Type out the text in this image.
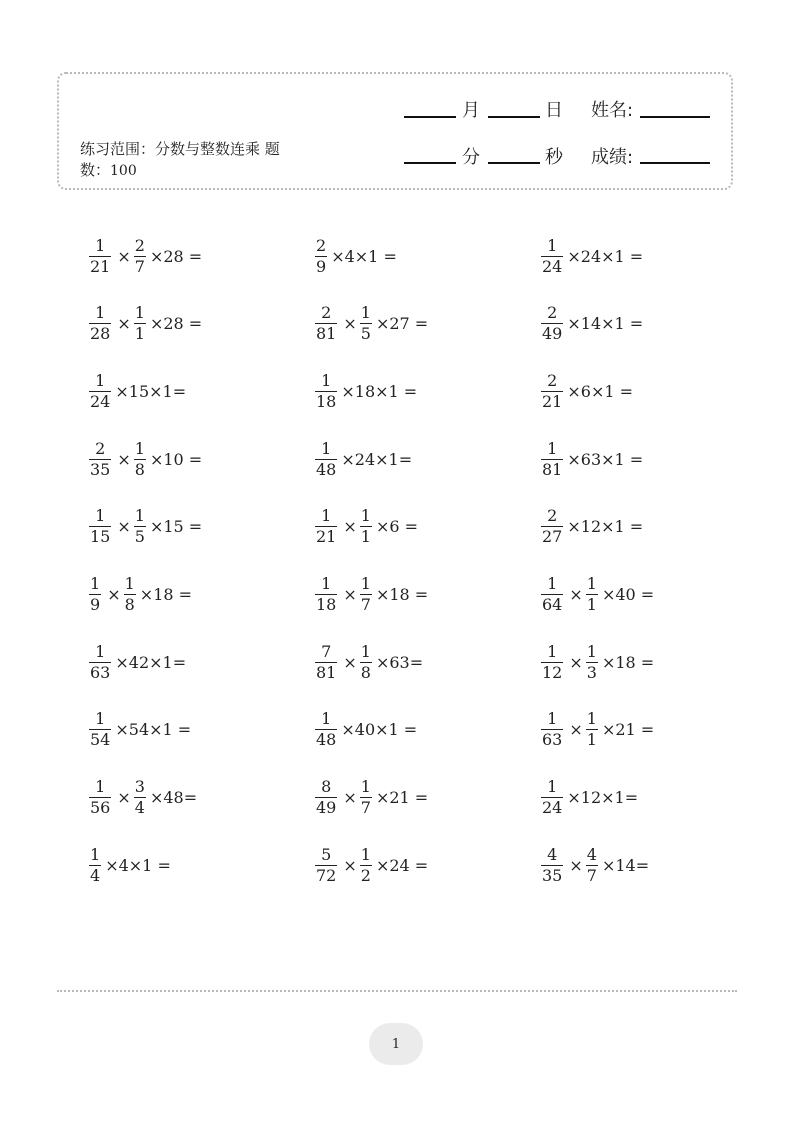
练习范围：分数与整数连乘 题
数：100
月	日 姓名:
分	秒 成绩:
$\frac{1}{21} \times \frac{2}{7} \times 28$ =	$\frac{2}{9} \times 4\times 1$ =	$\frac{1}{24} \times 24\times 1$ =
$\frac{1}{28} \times \frac{1}{1} \times 28$ =	$\frac{2}{81} \times \frac{1}{5} \times 27$ =	$\frac{2}{49} \times 14\times 1$ =
$\frac{1}{24} \times 15\times 1=$	$\frac{1}{18} \times 18\times 1$ =	$\frac{2}{21} \times 6\times 1$ =
$\frac{2}{35} \times \frac{1}{8} \times 10$ =	$\frac{1}{48} \times 24\times 1=$	$\frac{1}{81} \times 63\times 1$ =
$\frac{1}{15} \times \frac{1}{5} \times 15$ =	$\frac{1}{21} \times \frac{1}{1} \times 6$ =	$\frac{2}{27} \times 12\times 1$ =
$\frac{1}{9} \times \frac{1}{8} \times 18$ =	$\frac{1}{18} \times \frac{1}{7} \times 18$ =	$\frac{1}{64} \times \frac{1}{1} \times 40$ =
$\frac{1}{63} \times 42\times 1=$	$\frac{7}{81} \times \frac{1}{8} \times 63=$	$\frac{1}{12} \times \frac{1}{3} \times 18$ =
$\frac{1}{54} \times 54\times 1$ =	$\frac{1}{48} \times 40\times 1$ =	$\frac{1}{63} \times \frac{1}{1} \times 21$ =
$\frac{1}{56} \times \frac{3}{4} \times 48=$	$\frac{8}{49} \times \frac{1}{7} \times 21$ =	$\frac{1}{24} \times 12\times 1=$
$\frac{1}{4} \times 4\times 1$ =	$\frac{5}{72} \times \frac{1}{2} \times 24$ =	$\frac{4}{35} \times \frac{4}{7} \times 14=$
1
